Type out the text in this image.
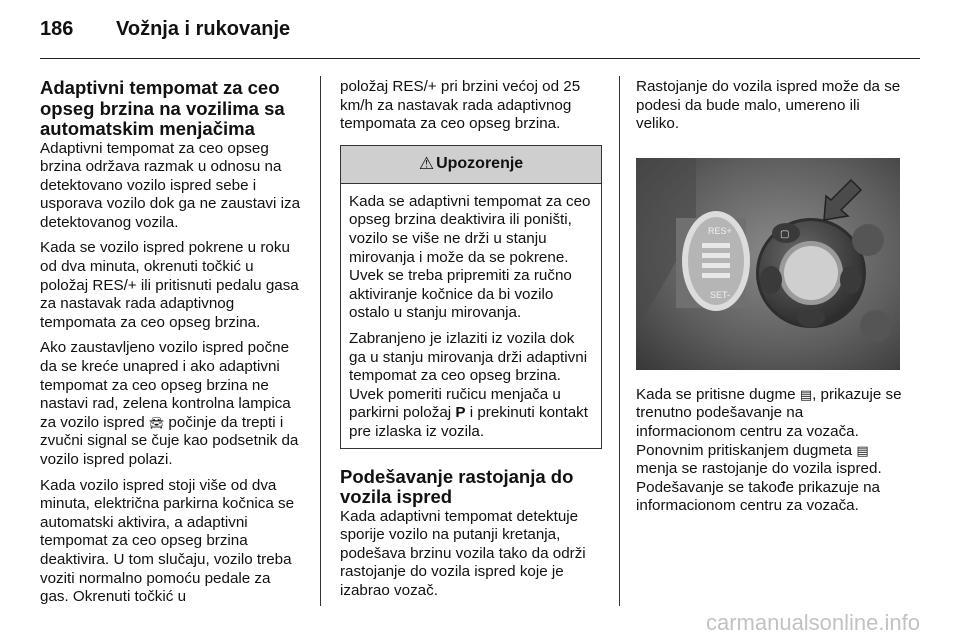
186 Vožnja i rukovanje
Adaptivni tempomat za ceo opseg brzina na vozilima sa automatskim menjačima

Adaptivni tempomat za ceo opseg brzina održava razmak u odnosu na detektovano vozilo ispred sebe i usporava vozilo dok ga ne zaustavi iza detektovanog vozila.

Kada se vozilo ispred pokrene u roku od dva minuta, okrenuti točkić u položaj RES/+ ili pritisnuti pedalu gasa za nastavak rada adaptivnog tempomata za ceo opseg brzina.

Ako zaustavljeno vozilo ispred počne da se kreće unapred i ako adaptivni tempomat za ceo opseg brzina ne nastavi rad, zelena kontrolna lampica za vozilo ispred 🚘︎ počinje da trepti i zvučni signal se čuje kao podsetnik da vozilo ispred polazi.

Kada vozilo ispred stoji više od dva minuta, električna parkirna kočnica se automatski aktivira, a adaptivni tempomat za ceo opseg brzina deaktivira. U tom slučaju, vozilo treba voziti normalno pomoću pedale za gas. Okrenuti točkić u

položaj RES/+ pri brzini većoj od 25 km/h za nastavak rada adaptivnog tempomata za ceo opseg brzina.

⚠ Upozorenje

Kada se adaptivni tempomat za ceo opseg brzina deaktivira ili poništi, vozilo se više ne drži u stanju mirovanja i može da se pokrene. Uvek se treba pripremiti za ručno aktiviranje kočnice da bi vozilo ostalo u stanju mirovanja.

Zabranjeno je izlaziti iz vozila dok ga u stanju mirovanja drži adaptivni tempomat za ceo opseg brzina. Uvek pomeriti ručicu menjača u parkirni položaj P i prekinuti kontakt pre izlaska iz vozila.

Podešavanje rastojanja do vozila ispred

Kada adaptivni tempomat detektuje sporije vozilo na putanji kretanja, podešava brzinu vozila tako da održi rastojanje do vozila ispred koje je izabrao vozač.

Rastojanje do vozila ispred može da se podesi da bude malo, umereno ili veliko.

RES+
SET-
▢

Kada se pritisne dugme ▤, prikazuje se trenutno podešavanje na informacionom centru za vozača. Ponovnim pritiskanjem dugmeta ▤ menja se rastojanje do vozila ispred. Podešavanje se takođe prikazuje na informacionom centru za vozača.

carmanualsonline.info
